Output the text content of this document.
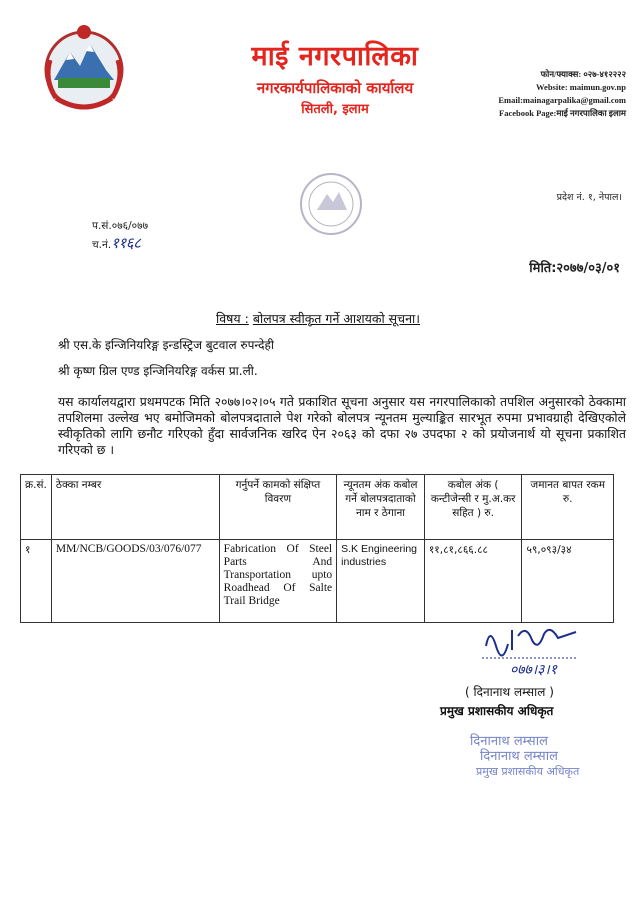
माई नगरपालिका
नगरकार्यपालिकाको कार्यालय
सितली, इलाम
फोन/फ्याक्स: ०२७-४१२२२२
Website: maimun.gov.np
Email:mainagarpalika@gmail.com
Facebook Page:माई नगरपालिका इलाम
प्रदेश नं. १, नेपाल।
प.सं.०७६/०७७
च.नं.११६८
मिति:२०७७/०३/०१
विषय : बोलपत्र स्वीकृत गर्ने आशयको सूचना।
श्री एस.के इन्जिनियरिङ्ग इन्डस्ट्रिज बुटवाल रुपन्देही
श्री कृष्ण ग्रिल एण्ड इन्जिनियरिङ्ग वर्कस प्रा.ली.
यस कार्यालयद्वारा प्रथमपटक मिति २०७७।०२।०५ गते प्रकाशित सूचना अनुसार यस नगरपालिकाको तपशिल अनुसारको ठेक्कामा तपशिलमा उल्लेख भए बमोजिमको बोलपत्रदाताले पेश गरेको बोलपत्र न्यूनतम मुल्याङ्कित सारभूत रुपमा प्रभावग्राही देखिएकोले स्वीकृतिको लागि छनौट गरिएको हुँदा सार्वजनिक खरिद ऐन २०६३ को दफा २७ उपदफा २ को प्रयोजनार्थ यो सूचना प्रकाशित गरिएको छ ।
क्र.सं.	ठेक्का नम्बर	गर्नुपर्ने कामको संक्षिप्त विवरण	न्यूनतम अंक कबोल गर्ने बोलपत्रदाताको नाम र ठेगाना	कबोल अंक ( कन्टीजेन्सी र मु.अ.कर सहित ) रु.	जमानत बापत रकम रु.
१	MM/NCB/GOODS/03/076/077	Fabrication Of Steel Parts And Transportation upto Roadhead Of Salte Trail Bridge	S.K Engineering industries	११,८१,८६६.८८	५९,०९३/३४
०७७।३।१
( दिनानाथ लम्साल )
प्रमुख प्रशासकीय अधिकृत
दिनानाथ लम्साल
दिनानाथ लम्साल
प्रमुख प्रशासकीय अधिकृत
